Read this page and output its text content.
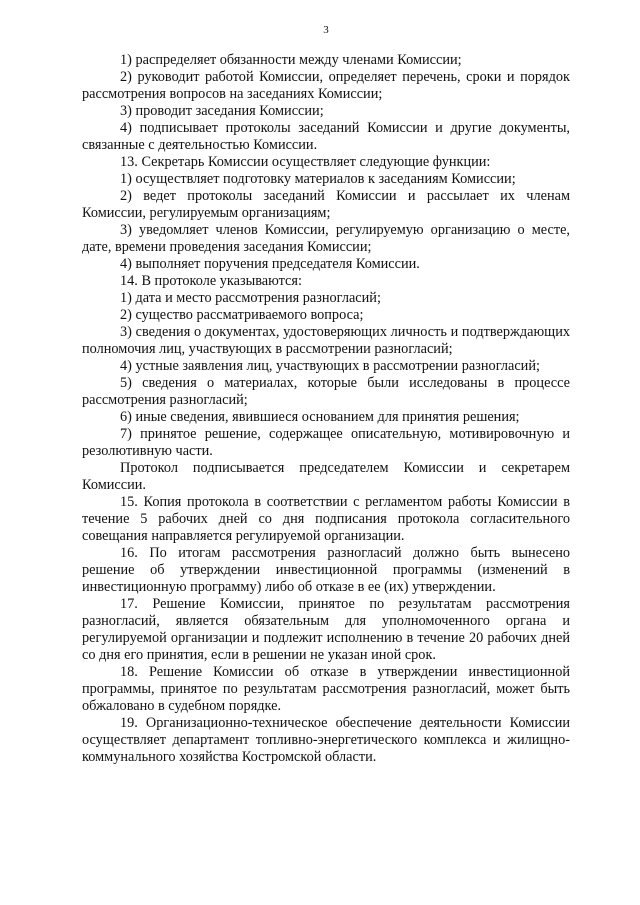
3

1) распределяет обязанности между членами Комиссии;

2) руководит работой Комиссии, определяет перечень, сроки и порядок рассмотрения вопросов на заседаниях Комиссии;

3) проводит заседания Комиссии;

4) подписывает протоколы заседаний Комиссии и другие документы, связанные с деятельностью Комиссии.

13. Секретарь Комиссии осуществляет следующие функции:

1) осуществляет подготовку материалов к заседаниям Комиссии;

2) ведет протоколы заседаний Комиссии и рассылает их членам Комиссии, регулируемым организациям;

3) уведомляет членов Комиссии, регулируемую организацию о месте, дате, времени проведения заседания Комиссии;

4) выполняет поручения председателя Комиссии.

14. В протоколе указываются:

1) дата и место рассмотрения разногласий;

2) существо рассматриваемого вопроса;

3) сведения о документах, удостоверяющих личность и подтверждающих полномочия лиц, участвующих в рассмотрении разногласий;

4) устные заявления лиц, участвующих в рассмотрении разногласий;

5) сведения о материалах, которые были исследованы в процессе рассмотрения разногласий;

6) иные сведения, явившиеся основанием для принятия решения;

7) принятое решение, содержащее описательную, мотивировочную и резолютивную части.

Протокол подписывается председателем Комиссии и секретарем Комиссии.

15. Копия протокола в соответствии с регламентом работы Комиссии в течение 5 рабочих дней со дня подписания протокола согласительного совещания направляется регулируемой организации.

16. По итогам рассмотрения разногласий должно быть вынесено решение об утверждении инвестиционной программы (изменений в инвестиционную программу) либо об отказе в ее (их) утверждении.

17. Решение Комиссии, принятое по результатам рассмотрения разногласий, является обязательным для уполномоченного органа и регулируемой организации и подлежит исполнению в течение 20 рабочих дней со дня его принятия, если в решении не указан иной срок.

18. Решение Комиссии об отказе в утверждении инвестиционной программы, принятое по результатам рассмотрения разногласий, может быть обжаловано в судебном порядке.

19. Организационно-техническое обеспечение деятельности Комиссии осуществляет департамент топливно-энергетического комплекса и жилищно-коммунального хозяйства Костромской области.
